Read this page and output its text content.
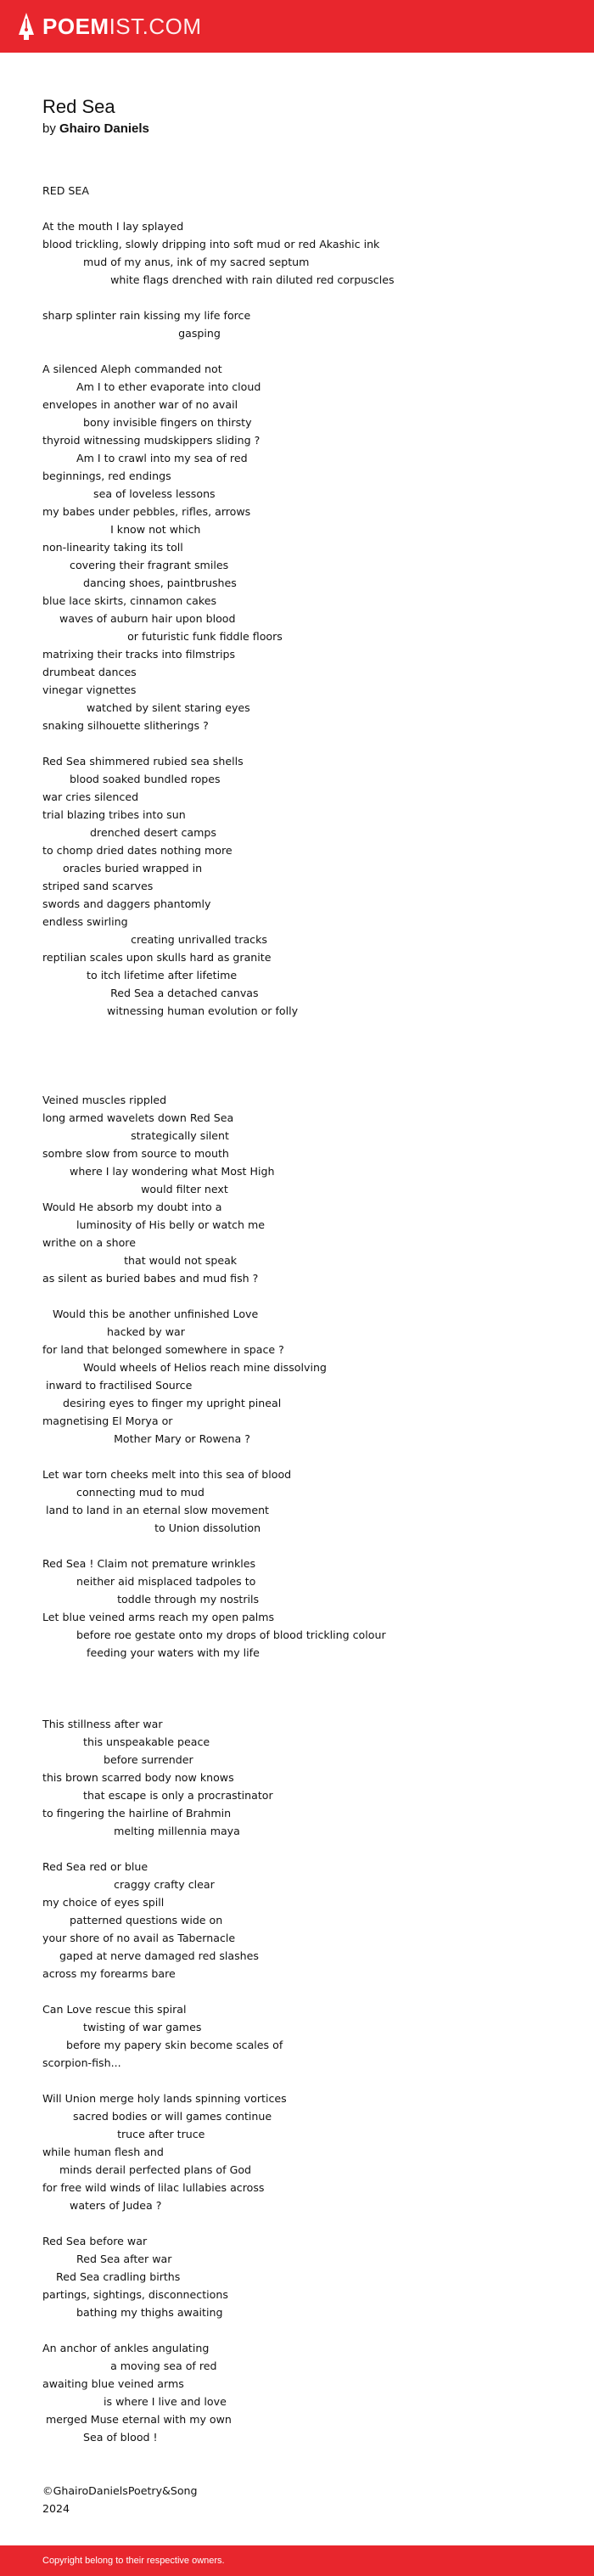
POEMIST.COM
Red Sea
by Ghairo Daniels
RED SEA
At the mouth I lay splayed
blood trickling, slowly dripping into soft mud or red Akashic ink
mud of my anus, ink of my sacred septum
white flags drenched with rain diluted red corpuscles
sharp splinter rain kissing my life force
gasping
A silenced Aleph commanded not
Am I to ether evaporate into cloud
envelopes in another war of no avail
bony invisible fingers on thirsty
thyroid witnessing mudskippers sliding ?
Am I to crawl into my sea of red
beginnings, red endings
sea of loveless lessons
my babes under pebbles, rifles, arrows
I know not which
non-linearity taking its toll
covering their fragrant smiles
dancing shoes, paintbrushes
blue lace skirts, cinnamon cakes
waves of auburn hair upon blood
or futuristic funk fiddle floors
matrixing their tracks into filmstrips
drumbeat dances
vinegar vignettes
watched by silent staring eyes
snaking silhouette slitherings ?
Red Sea shimmered rubied sea shells
blood soaked bundled ropes
war cries silenced
trial blazing tribes into sun
drenched desert camps
to chomp dried dates nothing more
oracles buried wrapped in
striped sand scarves
swords and daggers phantomly
endless swirling
creating unrivalled tracks
reptilian scales upon skulls hard as granite
to itch lifetime after lifetime
Red Sea a detached canvas
witnessing human evolution or folly
Veined muscles rippled
long armed wavelets down Red Sea
strategically silent
sombre slow from source to mouth
where I lay wondering what Most High
would filter next
Would He absorb my doubt into a
luminosity of His belly or watch me
writhe on a shore
that would not speak
as silent as buried babes and mud fish ?
Would this be another unfinished Love
hacked by war
for land that belonged somewhere in space ?
Would wheels of Helios reach mine dissolving
inward to fractilised Source
desiring eyes to finger my upright pineal
magnetising El Morya or
Mother Mary or Rowena ?
Let war torn cheeks melt into this sea of blood
connecting mud to mud
land to land in an eternal slow movement
to Union dissolution
Red Sea ! Claim not premature wrinkles
neither aid misplaced tadpoles to
toddle through my nostrils
Let blue veined arms reach my open palms
before roe gestate onto my drops of blood trickling colour
feeding your waters with my life
This stillness after war
this unspeakable peace
before surrender
this brown scarred body now knows
that escape is only a procrastinator
to fingering the hairline of Brahmin
melting millennia maya
Red Sea red or blue
craggy crafty clear
my choice of eyes spill
patterned questions wide on
your shore of no avail as Tabernacle
gaped at nerve damaged red slashes
across my forearms bare
Can Love rescue this spiral
twisting of war games
before my papery skin become scales of
scorpion-fish...
Will Union merge holy lands spinning vortices
sacred bodies or will games continue
truce after truce
while human flesh and
minds derail perfected plans of God
for free wild winds of lilac lullabies across
waters of Judea ?
Red Sea before war
Red Sea after war
Red Sea cradling births
partings, sightings, disconnections
bathing my thighs awaiting
An anchor of ankles angulating
a moving sea of red
awaiting blue veined arms
is where I live and love
merged Muse eternal with my own
Sea of blood !
©GhairoDanielsPoetry&Song
2024
Copyright belong to their respective owners.
